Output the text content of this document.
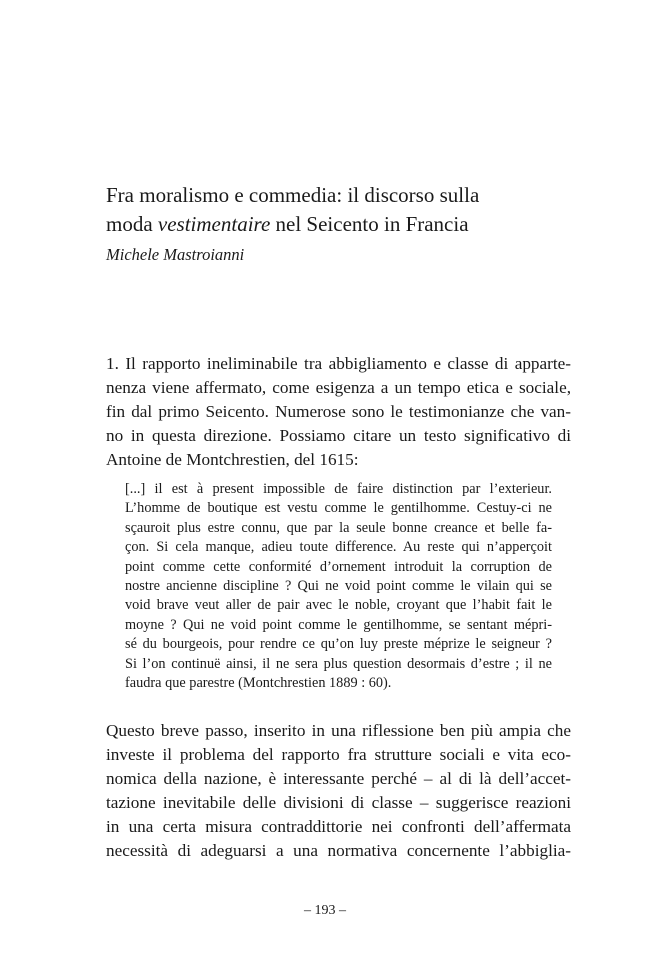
Fra moralismo e commedia: il discorso sulla
moda vestimentaire nel Seicento in Francia
Michele Mastroianni

1. Il rapporto ineliminabile tra abbigliamento e classe di apparte-
nenza viene affermato, come esigenza a un tempo etica e sociale,
fin dal primo Seicento. Numerose sono le testimonianze che van-
no in questa direzione. Possiamo citare un testo significativo di
Antoine de Montchrestien, del 1615:

[...] il est à present impossible de faire distinction par l’exterieur.
L’homme de boutique est vestu comme le gentilhomme. Cestuy-ci ne
sçauroit plus estre connu, que par la seule bonne creance et belle fa-
çon. Si cela manque, adieu toute difference. Au reste qui n’apperçoit
point comme cette conformité d’ornement introduit la corruption de
nostre ancienne discipline ? Qui ne void point comme le vilain qui se
void brave veut aller de pair avec le noble, croyant que l’habit fait le
moyne ? Qui ne void point comme le gentilhomme, se sentant mépri-
sé du bourgeois, pour rendre ce qu’on luy preste méprize le seigneur ?
Si l’on continuë ainsi, il ne sera plus question desormais d’estre ; il ne
faudra que parestre (Montchrestien 1889 : 60).

Questo breve passo, inserito in una riflessione ben più ampia che
investe il problema del rapporto fra strutture sociali e vita eco-
nomica della nazione, è interessante perché – al di là dell’accet-
tazione inevitabile delle divisioni di classe – suggerisce reazioni
in una certa misura contraddittorie nei confronti dell’affermata
necessità di adeguarsi a una normativa concernente l’abbiglia-

– 193 –
